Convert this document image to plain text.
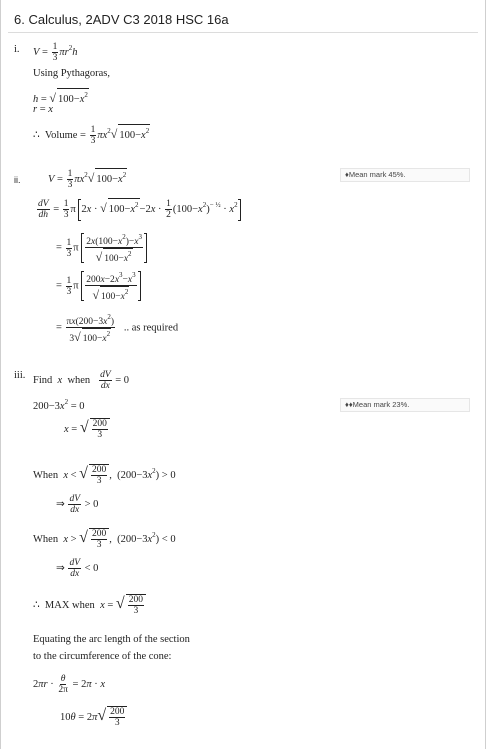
6. Calculus, 2ADV C3 2018 HSC 16a
i. $V = \frac{1}{3} \pi r^2h$
Using Pythagoras,
h = √ $100-x^2$
r = x
∴  Volume = $\frac{1}{3} \pi x^2√$ $100-x^2$
ii.
♦Mean mark 45%.
$V = \frac{1}{3} \pi x^2√$ $100-x^2$
$\frac{dV}{dh} = \frac{1}{3}$ π 2x · √ $100-x^2-2x \cdot \frac{1}{2} (100-x^2)^{- \frac{1}{2}} \cdot x^2$
= $\frac{1}{3}$ π $\frac{2x(100-x^2)-x^3}{√ 100-x^2}$
= $\frac{1}{3}$ π $\frac{200x-2x^3-x^3}{√ 100-x^2}$
= $\frac{\pi x(200-3x^2)}{3√ 100-x^2}$ .. as required
iii. Find  x  when $\frac{dV}{dx} = 0$
♦♦Mean mark 23%.
$200-3x^2 = 0$
x = √ $\frac{200}{3}$
When  x < √ $\frac{200}{3}$ ,  $(200-3x^2) > 0$
⇒ $\frac{dV}{dx} > 0$
When  x > √ $\frac{200}{3}$ ,  $(200-3x^2) < 0$
⇒ $\frac{dV}{dx} < 0$
∴  MAX when  x = √ $\frac{200}{3}$
Equating the arc length of the section
to the circumference of the cone:
$2\pi r \cdot \frac{\theta}{2\pi} = 2\pi \cdot x$
$10\theta = 2\pi√ \frac{200}{3}$
